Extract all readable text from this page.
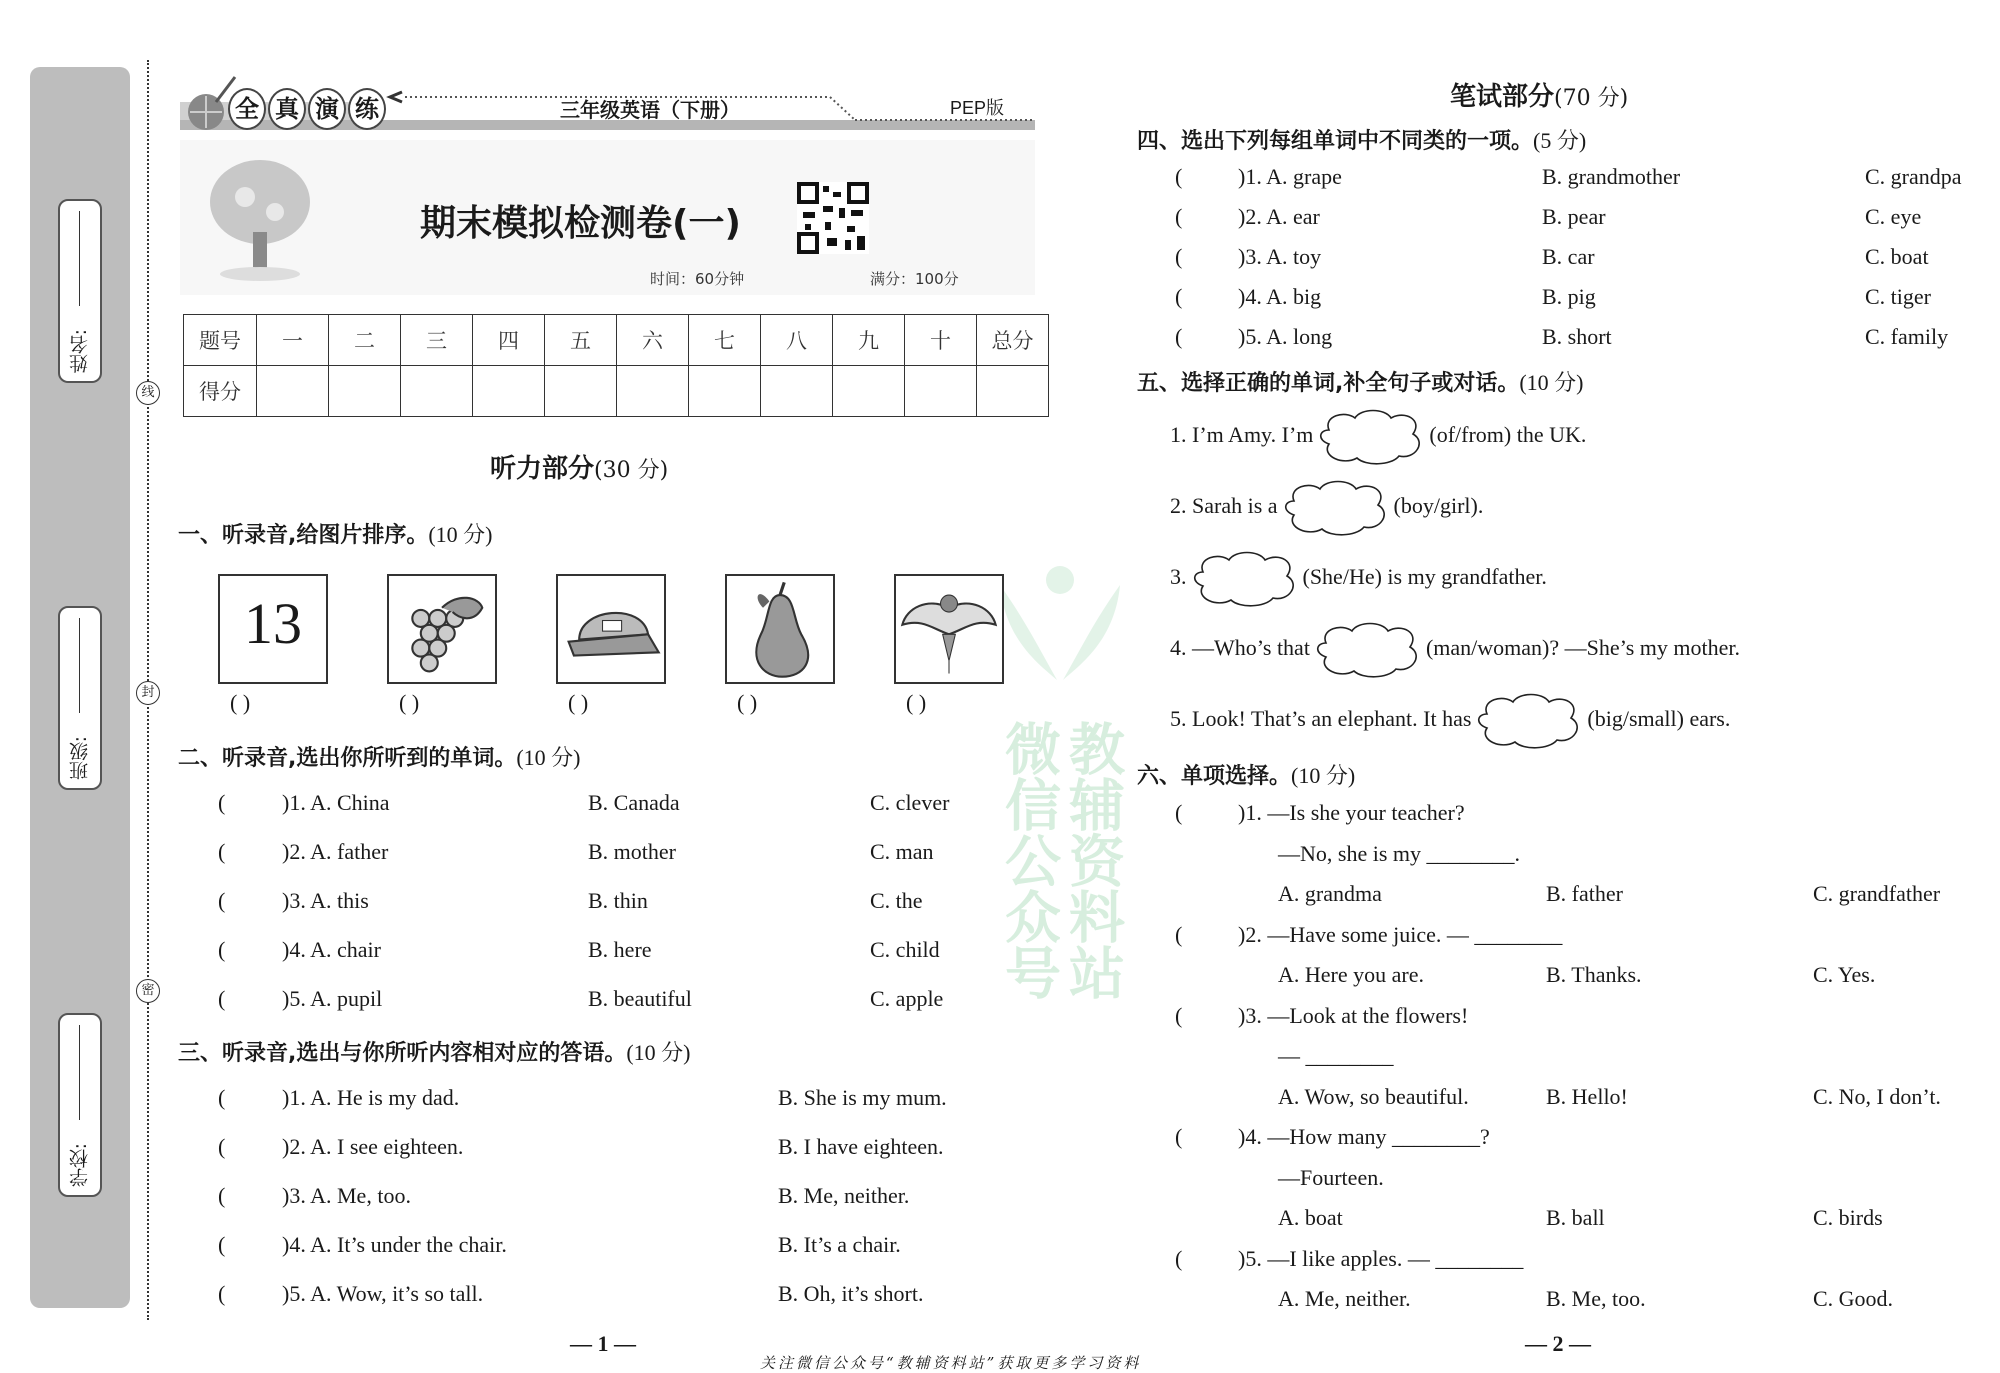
姓名:
班级:
学校:
线
封
密	微信公众号 教辅资料站
全 真 演 练	三年级英语（下册）	PEP版
期末模拟检测卷(一)
时间：60分钟	满分：100分
题号	一	二	三	四	五	六	七	八	九	十	总分
得分											
听力部分(30 分)
笔试部分(70 分)
一、听录音,给图片排序。(10 分)
13
( )	( )	( )	( )	( )
二、听录音,选出你所听到的单词。(10 分)
(	)1. A. China	B. Canada	C. clever
(	)2. A. father	B. mother	C. man
(	)3. A. this	B. thin	C. the
(	)4. A. chair	B. here	C. child
(	)5. A. pupil	B. beautiful	C. apple
三、听录音,选出与你所听内容相对应的答语。(10 分)
(	)1. A. He is my dad.	B. She is my mum.
(	)2. A. I see eighteen.	B. I have eighteen.
(	)3. A. Me, too.	B. Me, neither.
(	)4. A. It’s under the chair.	B. It’s a chair.
(	)5. A. Wow, it’s so tall.	B. Oh, it’s short.
四、选出下列每组单词中不同类的一项。(5 分)
(	)1. A. grape	B. grandmother	C. grandpa
(	)2. A. ear	B. pear	C. eye
(	)3. A. toy	B. car	C. boat
(	)4. A. big	B. pig	C. tiger
(	)5. A. long	B. short	C. family
五、选择正确的单词,补全句子或对话。(10 分)
1. I’m Amy. I’m	(of/from) the UK.
2. Sarah is a	(boy/girl).
3.	(She/He) is my grandfather.
4. —Who’s that	(man/woman)? —She’s my mother.
5. Look! That’s an elephant. It has	(big/small) ears.
六、单项选择。(10 分)
(	)1. —Is she your teacher?
—No, she is my ________.
A. grandma	B. father	C. grandfather
(	)2. —Have some juice. — ________
A. Here you are.	B. Thanks.	C. Yes.
(	)3. —Look at the flowers!
— ________
A. Wow, so beautiful.	B. Hello!	C. No, I don’t.
(	)4. —How many ________?
—Fourteen.
A. boat	B. ball	C. birds
(	)5. —I like apples. — ________
A. Me, neither.	B. Me, too.	C. Good.
— 1 —	— 2 —
关注微信公众号“教辅资料站”获取更多学习资料
